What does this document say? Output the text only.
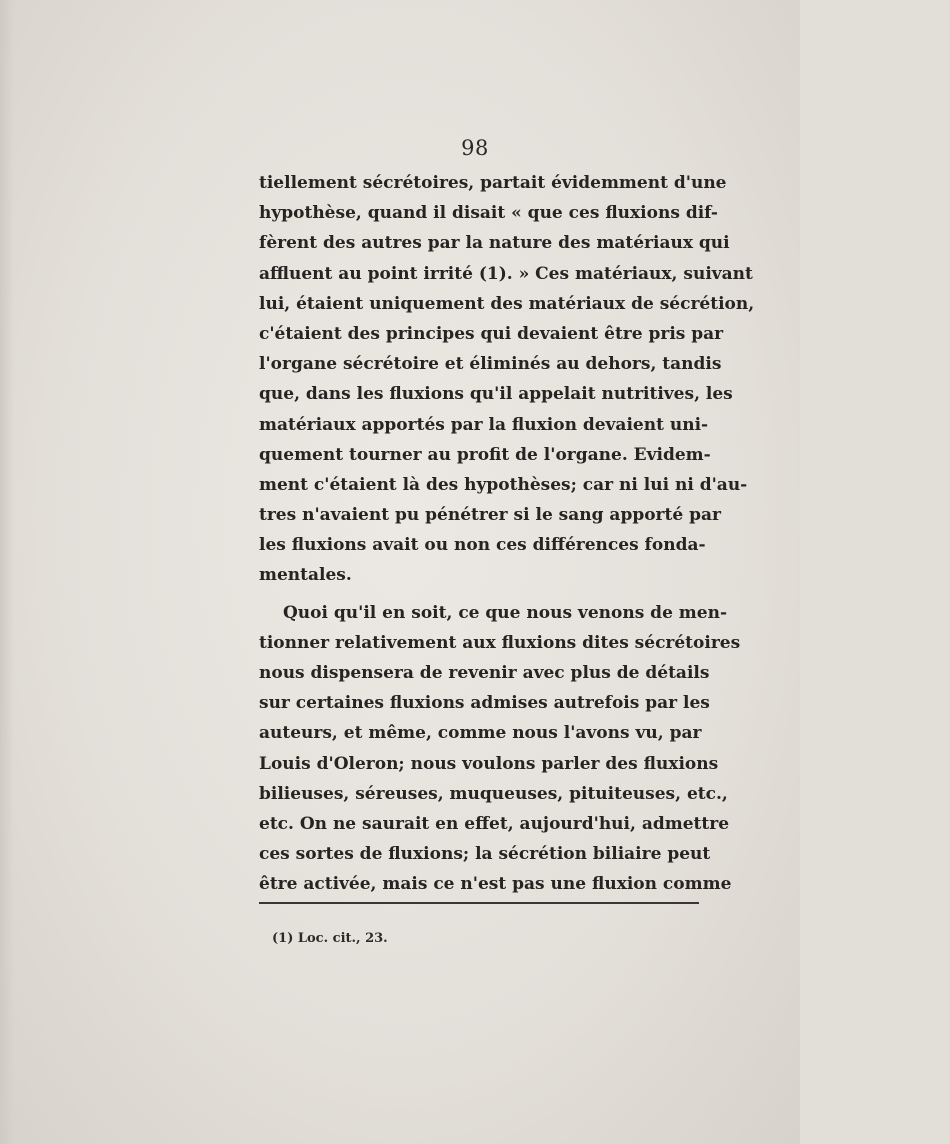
98
tiellement sécrétoires, partait évidemment d'une
hypothèse, quand il disait « que ces fluxions dif-
fèrent des autres par la nature des matériaux qui
affluent au point irrité (1). » Ces matériaux, suivant
lui, étaient uniquement des matériaux de sécrétion,
c'étaient des principes qui devaient être pris par
l'organe sécrétoire et éliminés au dehors, tandis
que, dans les fluxions qu'il appelait nutritives, les
matériaux apportés par la fluxion devaient uni-
quement tourner au profit de l'organe. Evidem-
ment c'étaient là des hypothèses; car ni lui ni d'au-
tres n'avaient pu pénétrer si le sang apporté par
les fluxions avait ou non ces différences fonda-
mentales.
Quoi qu'il en soit, ce que nous venons de men-
tionner relativement aux fluxions dites sécrétoires
nous dispensera de revenir avec plus de détails
sur certaines fluxions admises autrefois par les
auteurs, et même, comme nous l'avons vu, par
Louis d'Oleron; nous voulons parler des fluxions
bilieuses, séreuses, muqueuses, pituiteuses, etc.,
etc. On ne saurait en effet, aujourd'hui, admettre
ces sortes de fluxions; la sécrétion biliaire peut
être activée, mais ce n'est pas une fluxion comme
(1) Loc. cit., 23.
